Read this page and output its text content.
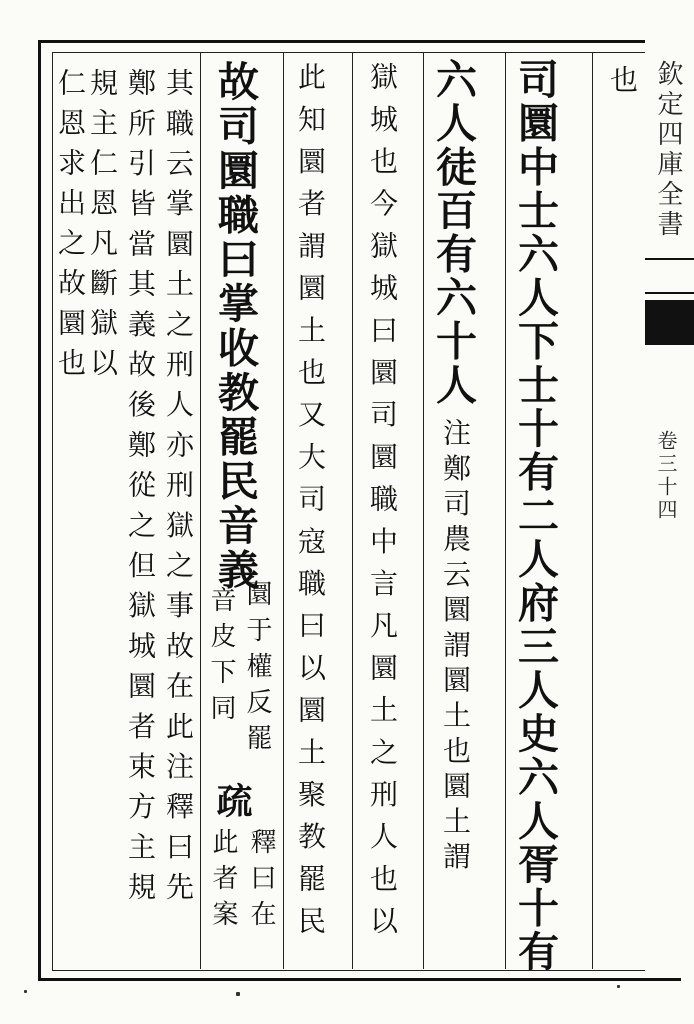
欽定四庫全書
卷三十四
也
司圜中士六人下士十有二人府三人史六人胥十有
六人徒百有六十人
注鄭司農云圜謂圜土也圜土謂
獄城也今獄城曰圜司圜職中言凡圜土之刑人也以
此知圜者謂圜土也又大司寇職曰以圜土聚教罷民
故司圜職曰掌收教罷民音義
圜于權反罷
音皮下同
疏
釋曰在
此者案
其職云掌圜土之刑人亦刑獄之事故在此注釋曰先
鄭所引皆當其義故後鄭從之但獄城圜者束方主規
規主仁恩凡斷獄以
仁恩求出之故圜也
